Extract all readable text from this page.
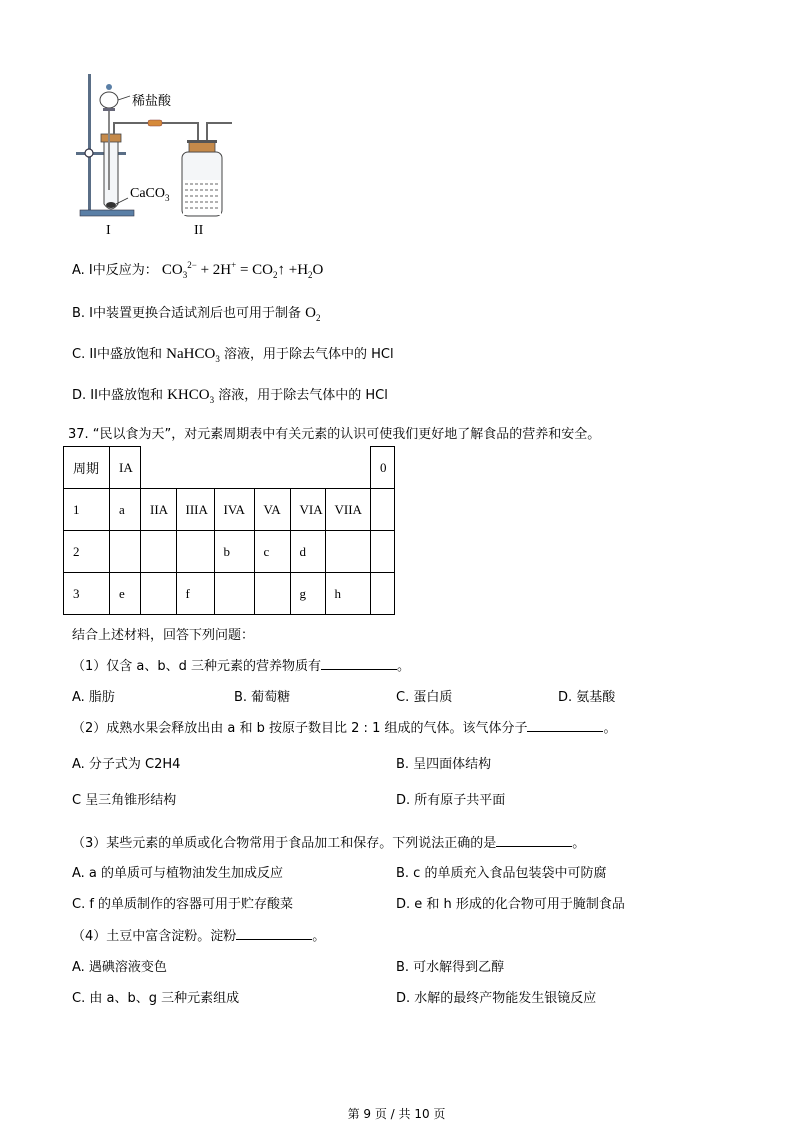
稀盐酸
CaCO$_3$
I	II
A. I中反应为： $CO_3^{2-} + 2H^+$ = $CO_2↑ +H_2O$
B. I中装置更换合适试剂后也可用于制备 $O_2$
C. II中盛放饱和 NaHCO$_3$ 溶液，用于除去气体中的 HCl
D. II中盛放饱和 $KHCO_3$ 溶液，用于除去气体中的 HCl
37. “民以食为天”，对元素周期表中有关元素的认识可使我们更好地了解食品的营养和安全。
周期	IA							0
1	a	IIA	IIIA	IVA	VA	VIA	VIIA	
2				b	c	d		
3	e		f			g	h	
结合上述材料，回答下列问题：
（1）仅含 a、b、d 三种元素的营养物质有	。
A. 脂肪	B. 葡萄糖	C. 蛋白质	D. 氨基酸
（2）成熟水果会释放出由 a 和 b 按原子数目比 2 : 1 组成的气体。该气体分子	。
A. 分子式为 C2H4	B. 呈四面体结构
C 呈三角锥形结构	D. 所有原子共平面
（3）某些元素的单质或化合物常用于食品加工和保存。下列说法正确的是	。
A. a 的单质可与植物油发生加成反应	B. c 的单质充入食品包装袋中可防腐
C. f 的单质制作的容器可用于贮存酸菜	D. e 和 h 形成的化合物可用于腌制食品
（4）土豆中富含淀粉。淀粉	。
A. 遇碘溶液变色	B. 可水解得到乙醇
C. 由 a、b、g 三种元素组成	D. 水解的最终产物能发生银镜反应
第 9 页 / 共 10 页
